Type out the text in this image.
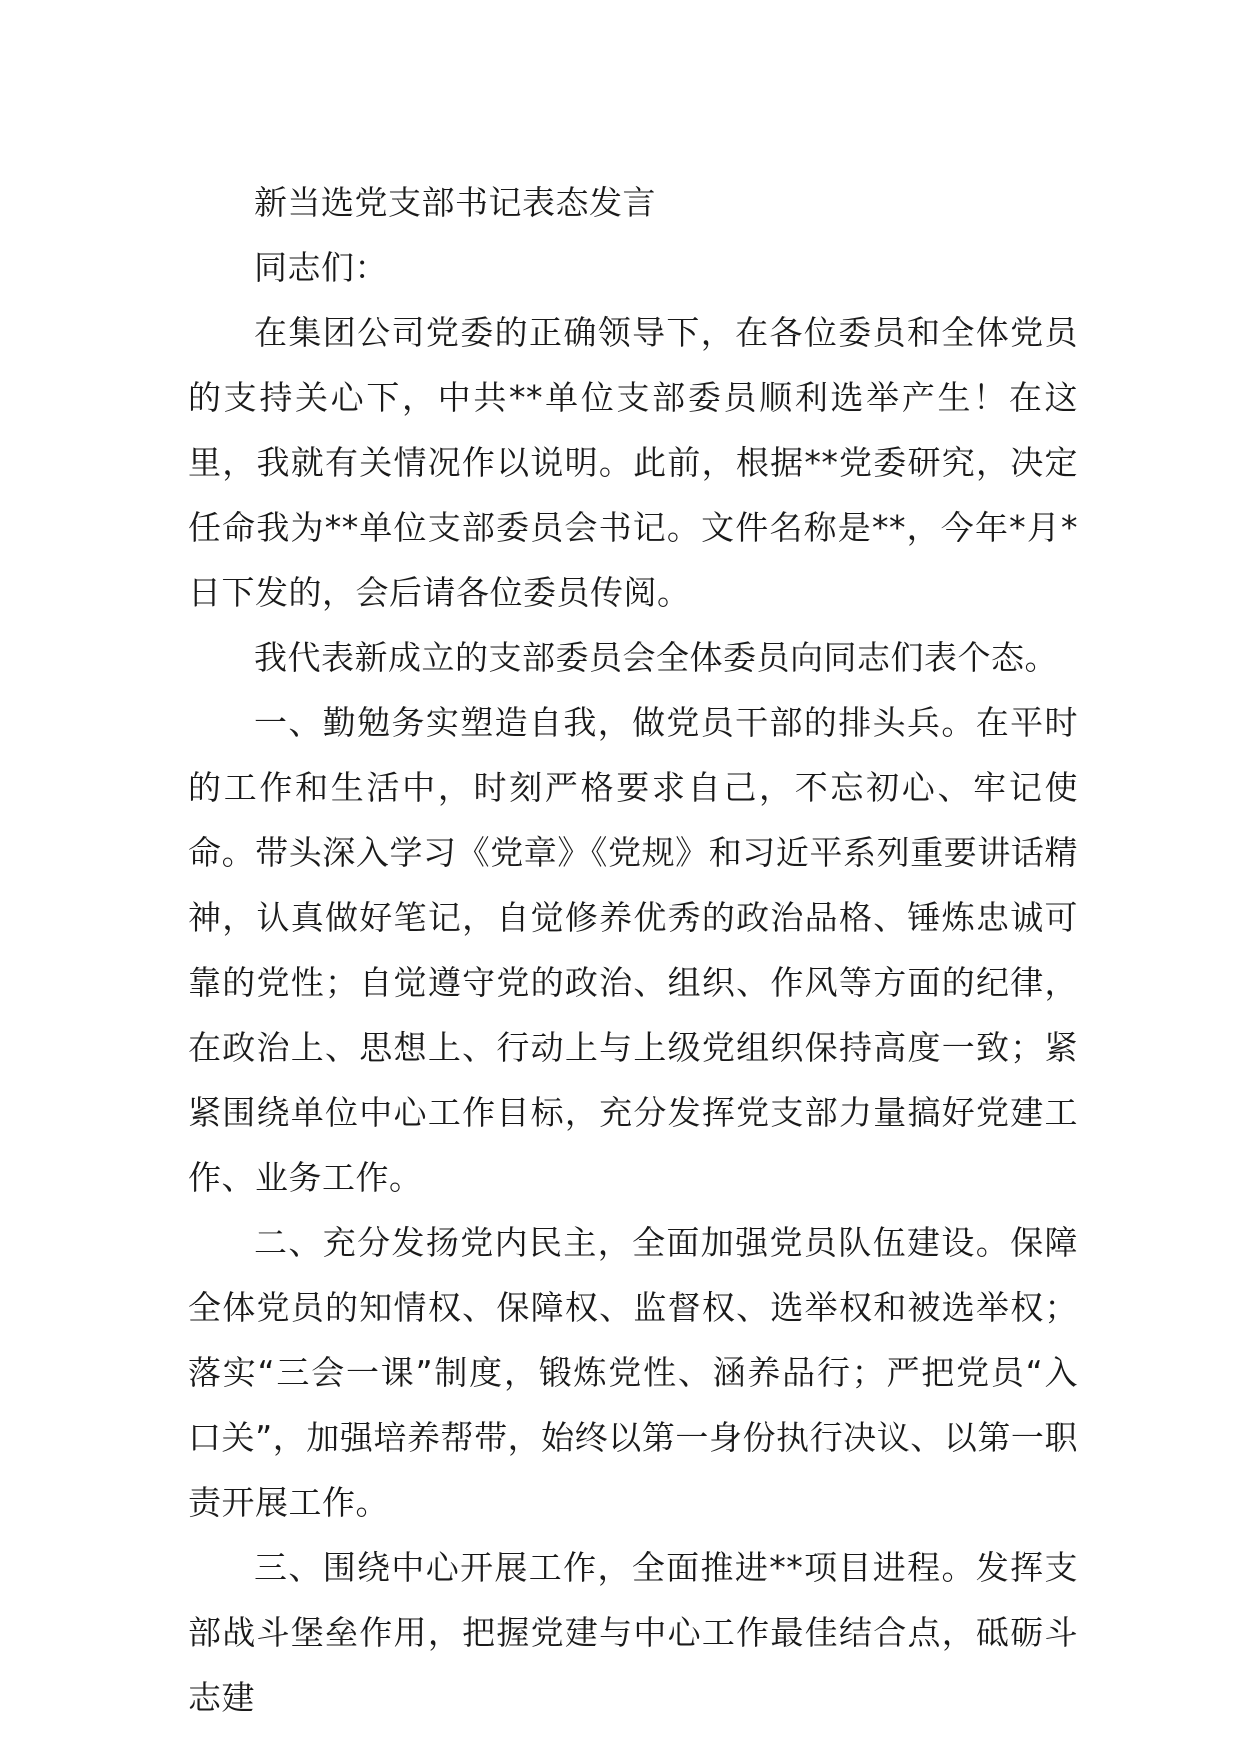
新当选党支部书记表态发言

同志们：

在集团公司党委的正确领导下，在各位委员和全体党员的支持关心下，中共**单位支部委员顺利选举产生！在这里，我就有关情况作以说明。此前，根据**党委研究，决定任命我为**单位支部委员会书记。文件名称是**，今年*月*日下发的，会后请各位委员传阅。

我代表新成立的支部委员会全体委员向同志们表个态。

一、勤勉务实塑造自我，做党员干部的排头兵。在平时的工作和生活中，时刻严格要求自己，不忘初心、牢记使命。带头深入学习《党章》《党规》和习近平系列重要讲话精神，认真做好笔记，自觉修养优秀的政治品格、锤炼忠诚可靠的党性；自觉遵守党的政治、组织、作风等方面的纪律，在政治上、思想上、行动上与上级党组织保持高度一致；紧紧围绕单位中心工作目标，充分发挥党支部力量搞好党建工作、业务工作。

二、充分发扬党内民主，全面加强党员队伍建设。保障全体党员的知情权、保障权、监督权、选举权和被选举权；落实“三会一课”制度，锻炼党性、涵养品行；严把党员“入口关”，加强培养帮带，始终以第一身份执行决议、以第一职责开展工作。

三、围绕中心开展工作，全面推进**项目进程。发挥支部战斗堡垒作用，把握党建与中心工作最佳结合点，砥砺斗志建
